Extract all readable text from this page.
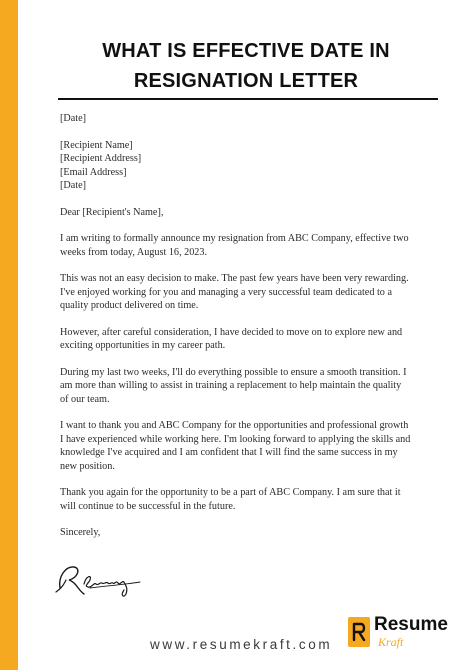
WHAT IS EFFECTIVE DATE IN
RESIGNATION LETTER

[Date]

[Recipient Name]

[Recipient Address]

[Email Address]

[Date]

Dear [Recipient's Name],

I am writing to formally announce my resignation from ABC Company, effective two
weeks from today, August 16, 2023.

This was not an easy decision to make. The past few years have been very rewarding.
I've enjoyed working for you and managing a very successful team dedicated to a
quality product delivered on time.

However, after careful consideration, I have decided to move on to explore new and
exciting opportunities in my career path.

During my last two weeks, I'll do everything possible to ensure a smooth transition. I
am more than willing to assist in training a replacement to help maintain the quality
of our team.

I want to thank you and ABC Company for the opportunities and professional growth
I have experienced while working here. I'm looking forward to applying the skills and
knowledge I've acquired and I am confident that I will find the same success in my
new position.

Thank you again for the opportunity to be a part of ABC Company. I am sure that it
will continue to be successful in the future.

Sincerely,

www.resumekraft.com
Resume
Kraft
